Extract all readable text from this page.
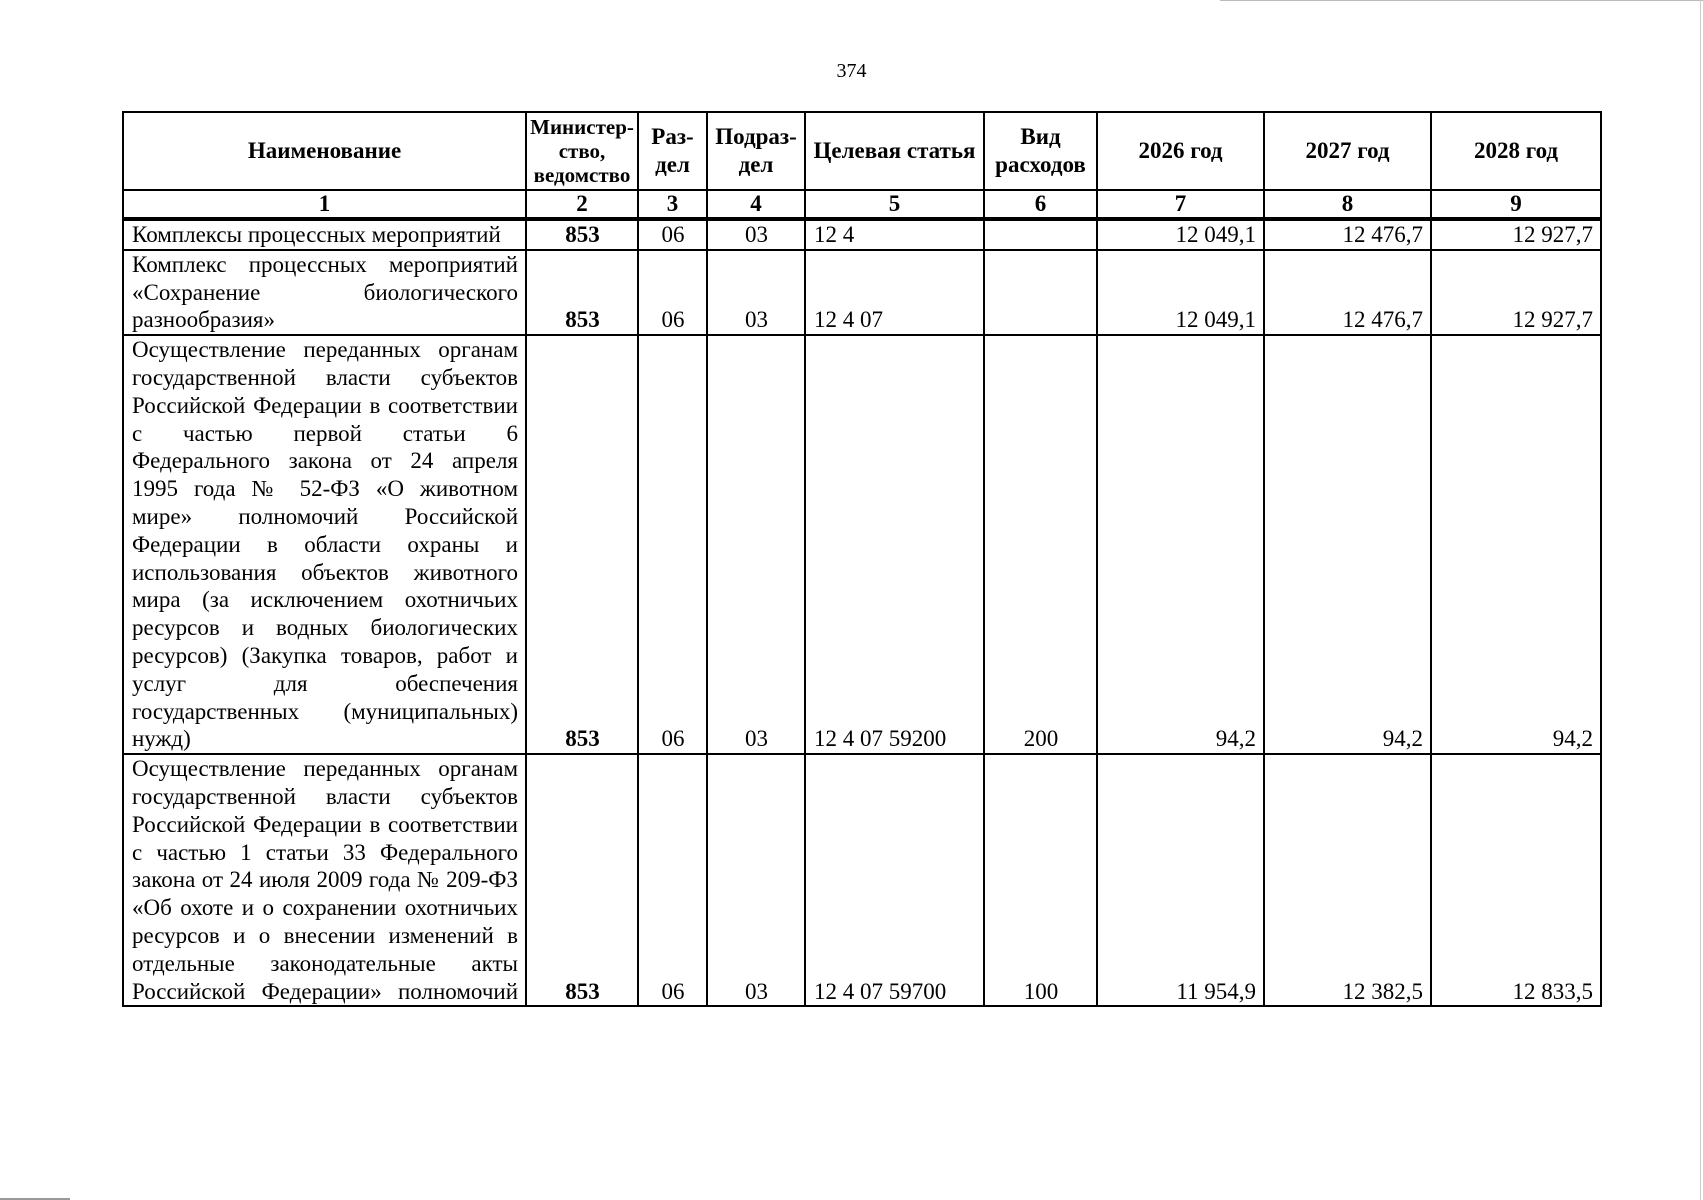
374
Наименование	Министер-ство, ведомство	Раз-дел	Подраз-дел	Целевая статья	Вид расходов	2026 год	2027 год	2028 год
1	2	3	4	5	6	7	8	9

Комплексы процессных мероприятий	853	06	03	12 4		12 049,1	12 476,7	12 927,7

Комплекс процессных мероприятий «Сохранение биологического разнообразия»	853	06	03	12 4 07		12 049,1	12 476,7	12 927,7

Осуществление переданных органам государственной власти субъектов Российской Федерации в соответствии с частью первой статьи 6 Федерального закона от 24 апреля 1995 года № 52-ФЗ «О животном мире» полномочий Российской Федерации в области охраны и использования объектов животного мира (за исключением охотничьих ресурсов и водных биологических ресурсов) (Закупка товаров, работ и услуг для обеспечения государственных (муниципальных) нужд)	853	06	03	12 4 07 59200	200	94,2	94,2	94,2

Осуществление переданных органам государственной власти субъектов Российской Федерации в соответствии с частью 1 статьи 33 Федерального закона от 24 июля 2009 года № 209-ФЗ «Об охоте и о сохранении охотничьих ресурсов и о внесении изменений в отдельные законодательные акты Российской Федерации» полномочий	853	06	03	12 4 07 59700	100	11 954,9	12 382,5	12 833,5
